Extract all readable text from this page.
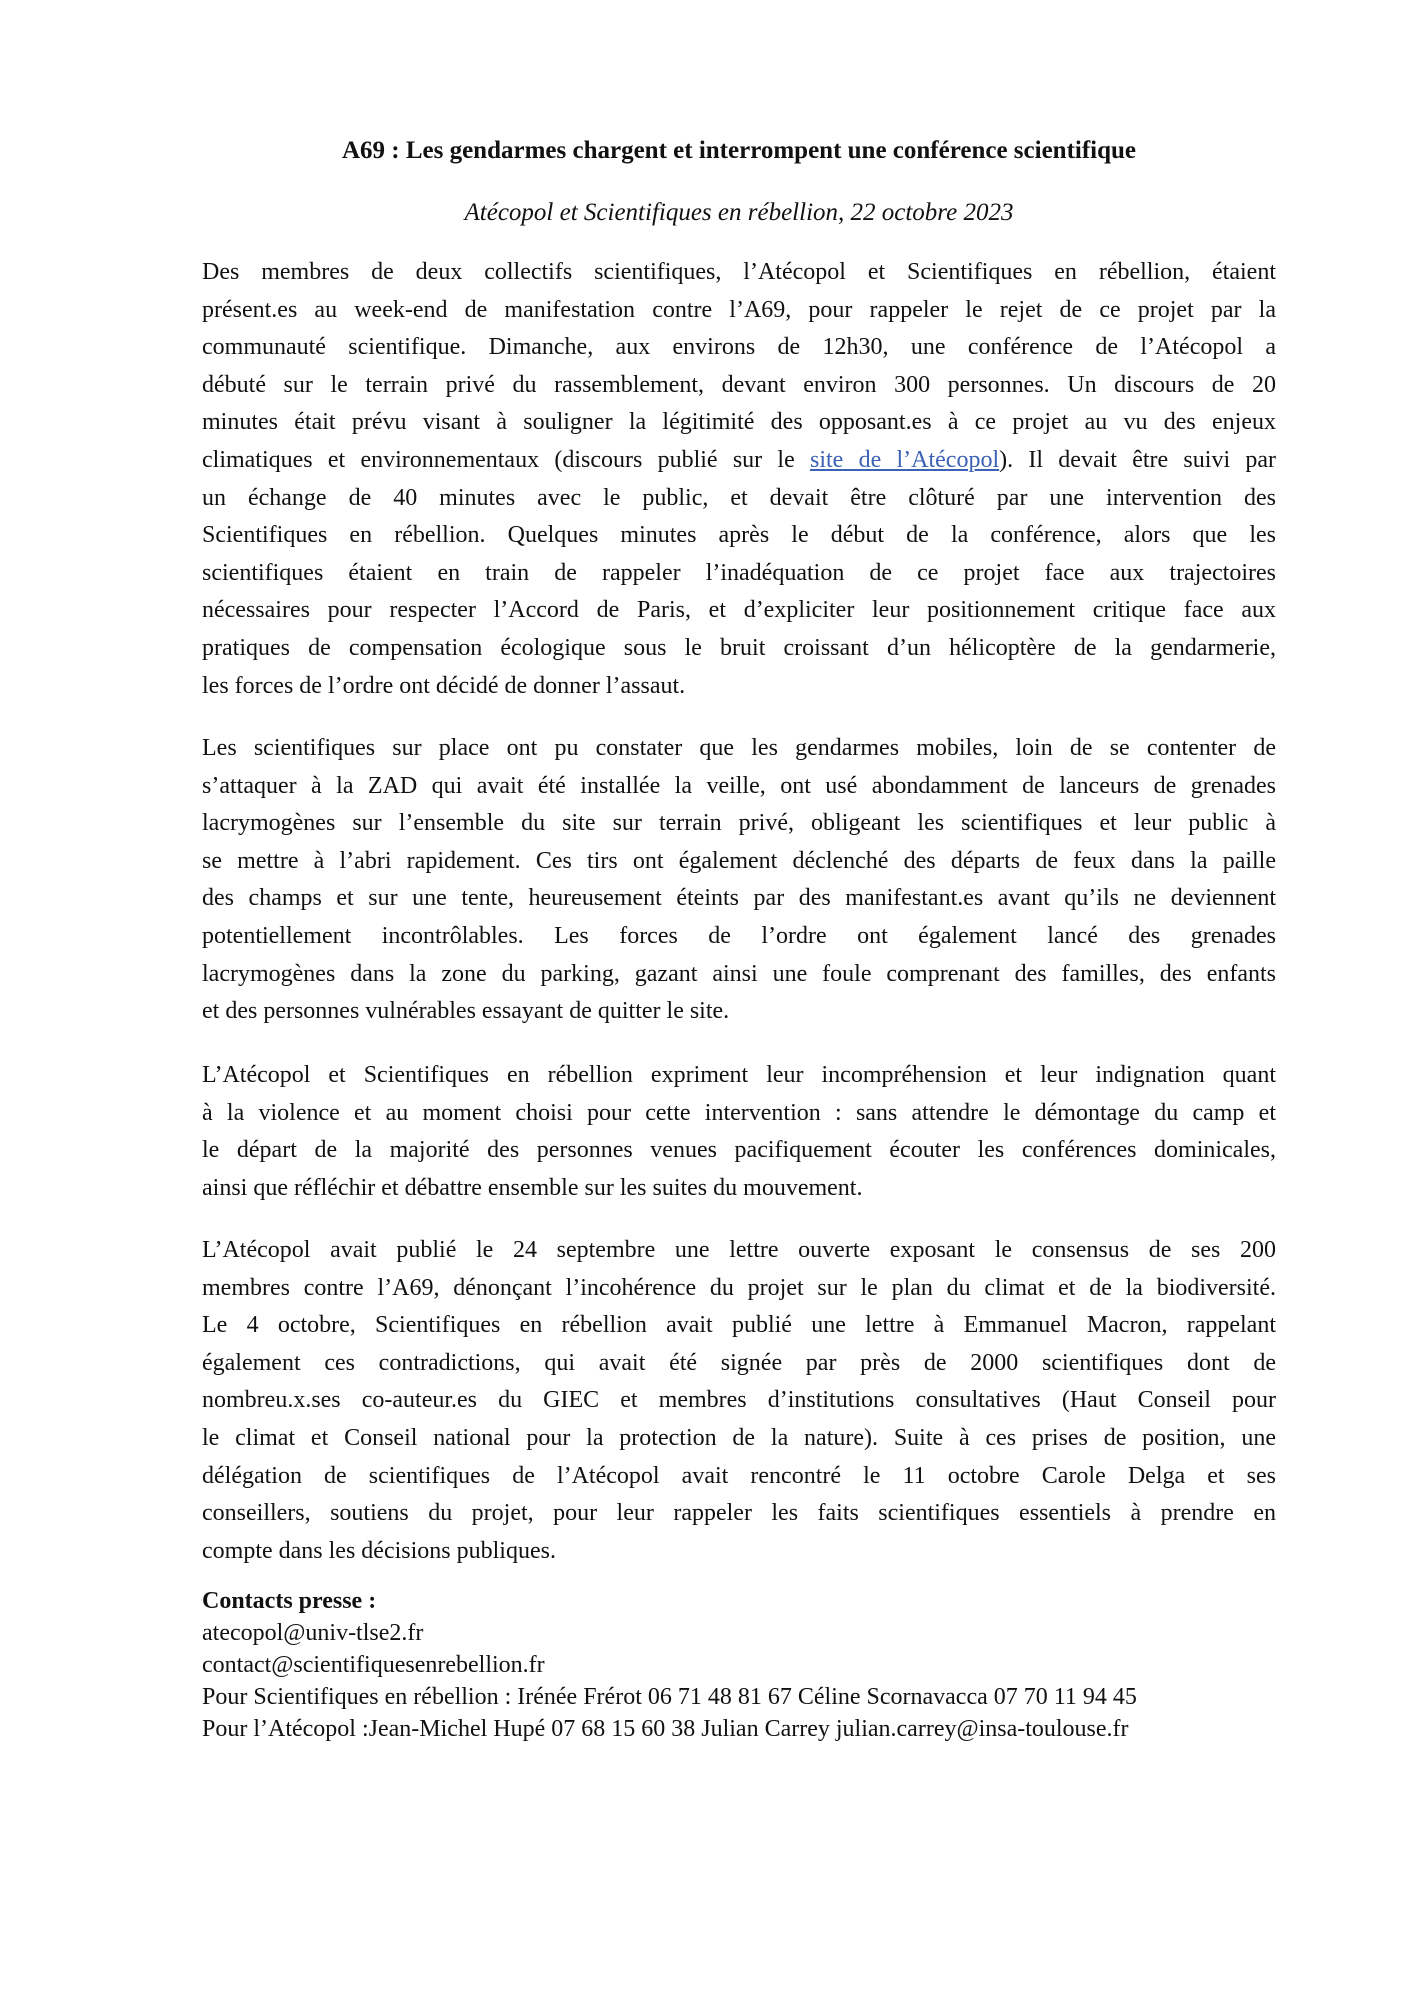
A69 : Les gendarmes chargent et interrompent une conférence scientifique
Atécopol et Scientifiques en rébellion, 22 octobre 2023
Des membres de deux collectifs scientifiques, l’Atécopol et Scientifiques en rébellion, étaient
présent.es au week-end de manifestation contre l’A69, pour rappeler le rejet de ce projet par la
communauté scientifique. Dimanche, aux environs de 12h30, une conférence de l’Atécopol a
débuté sur le terrain privé du rassemblement, devant environ 300 personnes. Un discours de 20
minutes était prévu visant à souligner la légitimité des opposant.es à ce projet au vu des enjeux
climatiques et environnementaux (discours publié sur le site de l’Atécopol). Il devait être suivi par
un échange de 40 minutes avec le public, et devait être clôturé par une intervention des
Scientifiques en rébellion. Quelques minutes après le début de la conférence, alors que les
scientifiques étaient en train de rappeler l’inadéquation de ce projet face aux trajectoires
nécessaires pour respecter l’Accord de Paris, et d’expliciter leur positionnement critique face aux
pratiques de compensation écologique sous le bruit croissant d’un hélicoptère de la gendarmerie,
les forces de l’ordre ont décidé de donner l’assaut.
Les scientifiques sur place ont pu constater que les gendarmes mobiles, loin de se contenter de
s’attaquer à la ZAD qui avait été installée la veille, ont usé abondamment de lanceurs de grenades
lacrymogènes sur l’ensemble du site sur terrain privé, obligeant les scientifiques et leur public à
se mettre à l’abri rapidement. Ces tirs ont également déclenché des départs de feux dans la paille
des champs et sur une tente, heureusement éteints par des manifestant.es avant qu’ils ne deviennent
potentiellement incontrôlables. Les forces de l’ordre ont également lancé des grenades
lacrymogènes dans la zone du parking, gazant ainsi une foule comprenant des familles, des enfants
et des personnes vulnérables essayant de quitter le site.
L’Atécopol et Scientifiques en rébellion expriment leur incompréhension et leur indignation quant
à la violence et au moment choisi pour cette intervention : sans attendre le démontage du camp et
le départ de la majorité des personnes venues pacifiquement écouter les conférences dominicales,
ainsi que réfléchir et débattre ensemble sur les suites du mouvement.
L’Atécopol avait publié le 24 septembre une lettre ouverte exposant le consensus de ses 200
membres contre l’A69, dénonçant l’incohérence du projet sur le plan du climat et de la biodiversité.
Le 4 octobre, Scientifiques en rébellion avait publié une lettre à Emmanuel Macron, rappelant
également ces contradictions, qui avait été signée par près de 2000 scientifiques dont de
nombreu.x.ses co-auteur.es du GIEC et membres d’institutions consultatives (Haut Conseil pour
le climat et Conseil national pour la protection de la nature). Suite à ces prises de position, une
délégation de scientifiques de l’Atécopol avait rencontré le 11 octobre Carole Delga et ses
conseillers, soutiens du projet, pour leur rappeler les faits scientifiques essentiels à prendre en
compte dans les décisions publiques.
Contacts presse :
atecopol@univ-tlse2.fr
contact@scientifiquesenrebellion.fr
Pour Scientifiques en rébellion : Irénée Frérot 06 71 48 81 67 Céline Scornavacca 07 70 11 94 45
Pour l’Atécopol :Jean-Michel Hupé 07 68 15 60 38 Julian Carrey julian.carrey@insa-toulouse.fr
